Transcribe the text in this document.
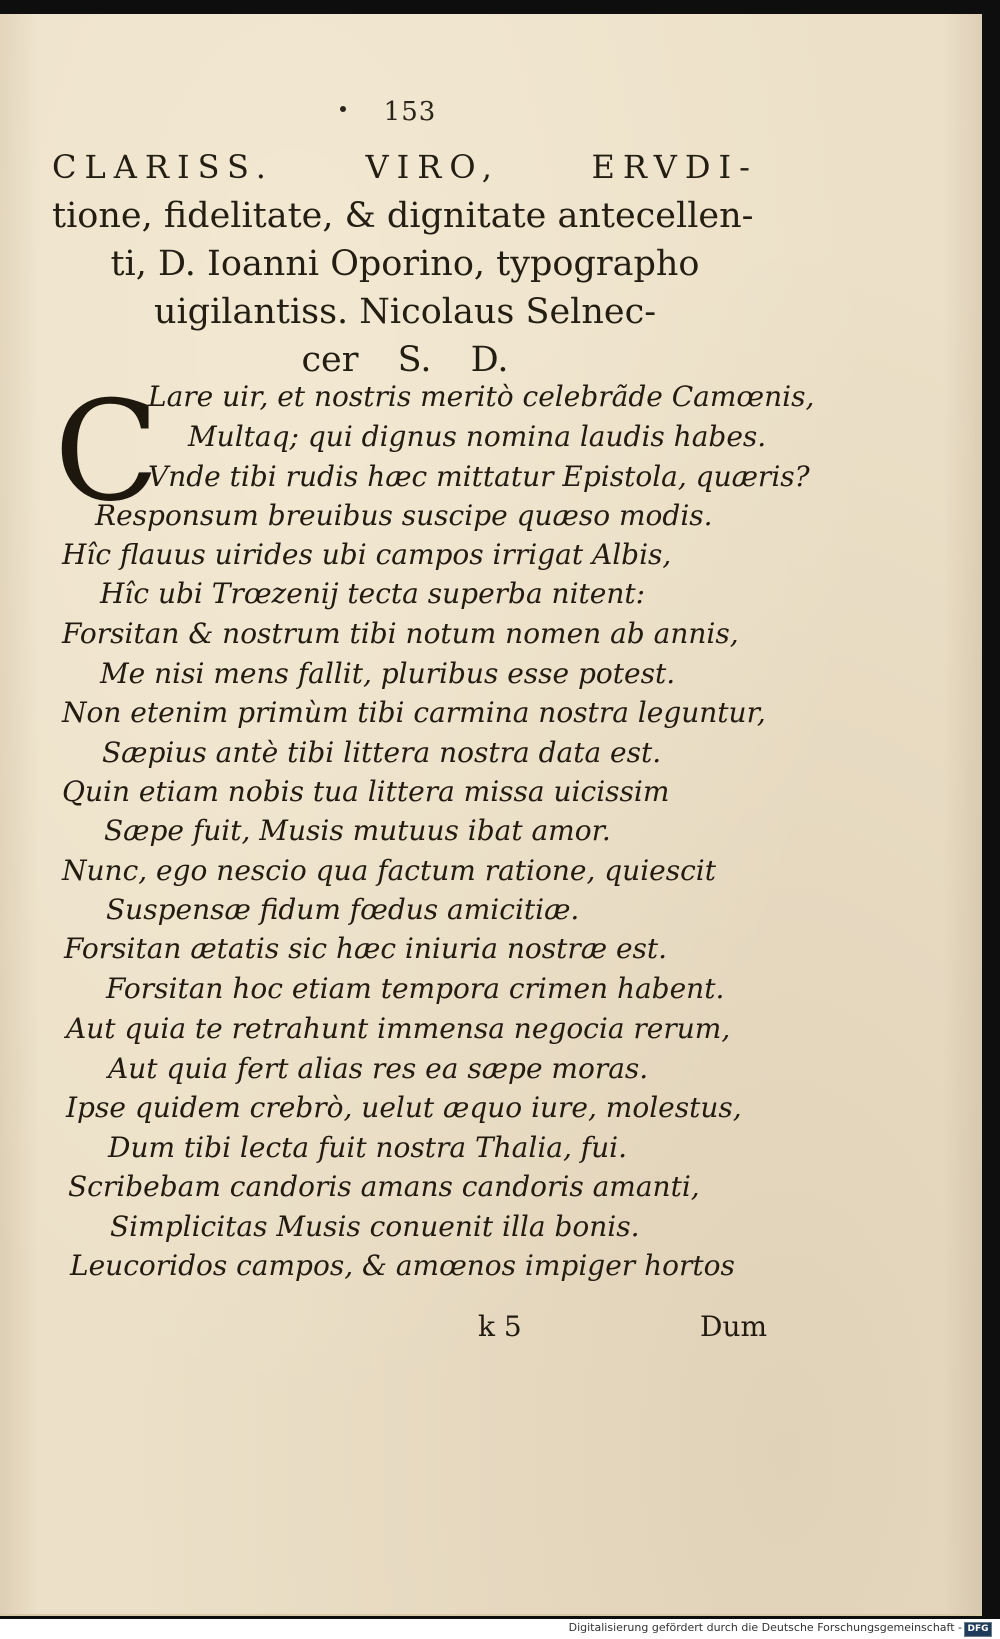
153
CLARISS.	VIRO,	ERVDI-
tione, fidelitate, & dignitate antecellen-
ti, D. Ioanni Oporino, typographo
uigilantiss. Nicolaus Selnec-
cer S. D.
C
Lare uir, et nostris meritò celebrãde Camœnis,
Multaq; qui dignus nomina laudis habes.
Vnde tibi rudis hæc mittatur Epistola, quæris?
Responsum breuibus suscipe quæso modis.
Hîc flauus uirides ubi campos irrigat Albis,
Hîc ubi Trœzenij tecta superba nitent:
Forsitan & nostrum tibi notum nomen ab annis,
Me nisi mens fallit, pluribus esse potest.
Non etenim primùm tibi carmina nostra leguntur,
Sæpius antè tibi littera nostra data est.
Quin etiam nobis tua littera missa uicissim
Sæpe fuit, Musis mutuus ibat amor.
Nunc, ego nescio qua factum ratione, quiescit
Suspensæ fidum fœdus amicitiæ.
Forsitan ætatis sic hæc iniuria nostræ est.
Forsitan hoc etiam tempora crimen habent.
Aut quia te retrahunt immensa negocia rerum,
Aut quia fert alias res ea sæpe moras.
Ipse quidem crebrò, uelut æquo iure, molestus,
Dum tibi lecta fuit nostra Thalia, fui.
Scribebam candoris amans candoris amanti,
Simplicitas Musis conuenit illa bonis.
Leucoridos campos, & amœnos impiger hortos
k 5	Dum
Digitalisierung gefördert durch die Deutsche Forschungsgemeinschaft - DFG
